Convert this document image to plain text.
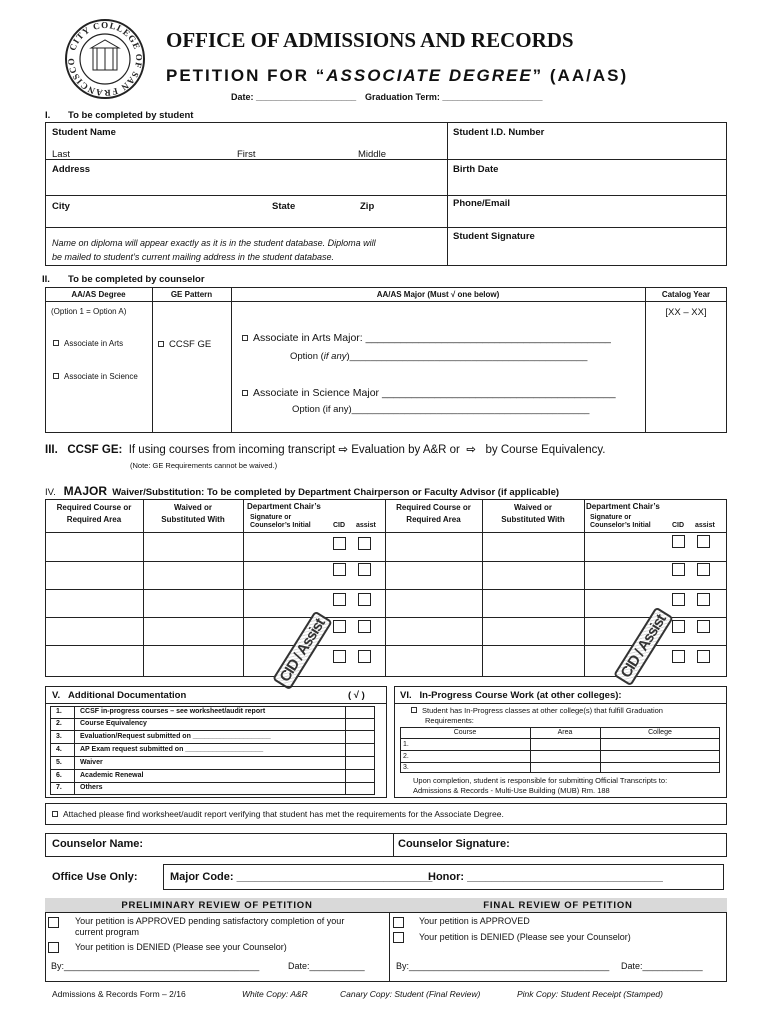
CITY COLLEGE OF SAN FRANCISCO
OFFICE OF ADMISSIONS AND RECORDS
PETITION FOR “ASSOCIATE DEGREE” (AA/AS)
Date: ____________________ Graduation Term: ____________________
I. To be completed by student
Student Name
Last	First	Middle
Student I.D. Number
Address	Birth Date
City	State	Zip	Phone/Email
Name on diploma will appear exactly as it is in the student database. Diploma will
be mailed to student’s current mailing address in the student database.
Student Signature
II. To be completed by counselor
AA/AS Degree	GE Pattern	AA/AS Major (Must √ one below)	Catalog Year
(Option 1 = Option A)
Associate in Arts
Associate in Science
CCSF GE
Associate in Arts Major: __________________________________________
Option (if any)_____________________________________________
Associate in Science Major ________________________________________
Option (if any)_____________________________________________
[XX – XX]
III. CCSF GE: If using courses from incoming transcript ⇨ Evaluation by A&R or ⇨ by Course Equivalency.
(Note: GE Requirements cannot be waived.)
IV. MAJOR Waiver/Substitution: To be completed by Department Chairperson or Faculty Advisor (if applicable)
Required Course or
Required Area
Waived or
Substituted With
Department Chair’s
Signature or
Counselor’s Initial	CID assist
Required Course or
Required Area
Waived or
Substituted With
Department Chair’s
Signature or
Counselor’s Initial	CID assist
CID / Assist	CID / Assist
V. Additional Documentation	( √ )
1.	CCSF in-progress courses – see worksheet/audit report
2.	Course Equivalency
3.	Evaluation/Request submitted on ____________________
4.	AP Exam request submitted on ____________________
5.	Waiver
6.	Academic Renewal
7.	Others
VI. In-Progress Course Work (at other colleges):
Student has In-Progress classes at other college(s) that fulfill Graduation
Requirements:
Course	Area	College
1.
2.
3.
Upon completion, student is responsible for submitting Official Transcripts to:
Admissions & Records - Multi-Use Building (MUB) Rm. 188
Attached please find worksheet/audit report verifying that student has met the requirements for the Associate Degree.
Counselor Name:	Counselor Signature:
Office Use Only:	Major Code: ________________________________
Honor: ________________________________
PRELIMINARY REVIEW OF PETITION	FINAL REVIEW OF PETITION
Your petition is APPROVED pending satisfactory completion of your
current program
Your petition is DENIED (Please see your Counselor)
By:_______________________________________	Date:___________
Your petition is APPROVED
Your petition is DENIED (Please see your Counselor)
By:________________________________________ Date:____________
Admissions & Records Form – 2/16	White Copy: A&R	Canary Copy: Student (Final Review)	Pink Copy: Student Receipt (Stamped)
